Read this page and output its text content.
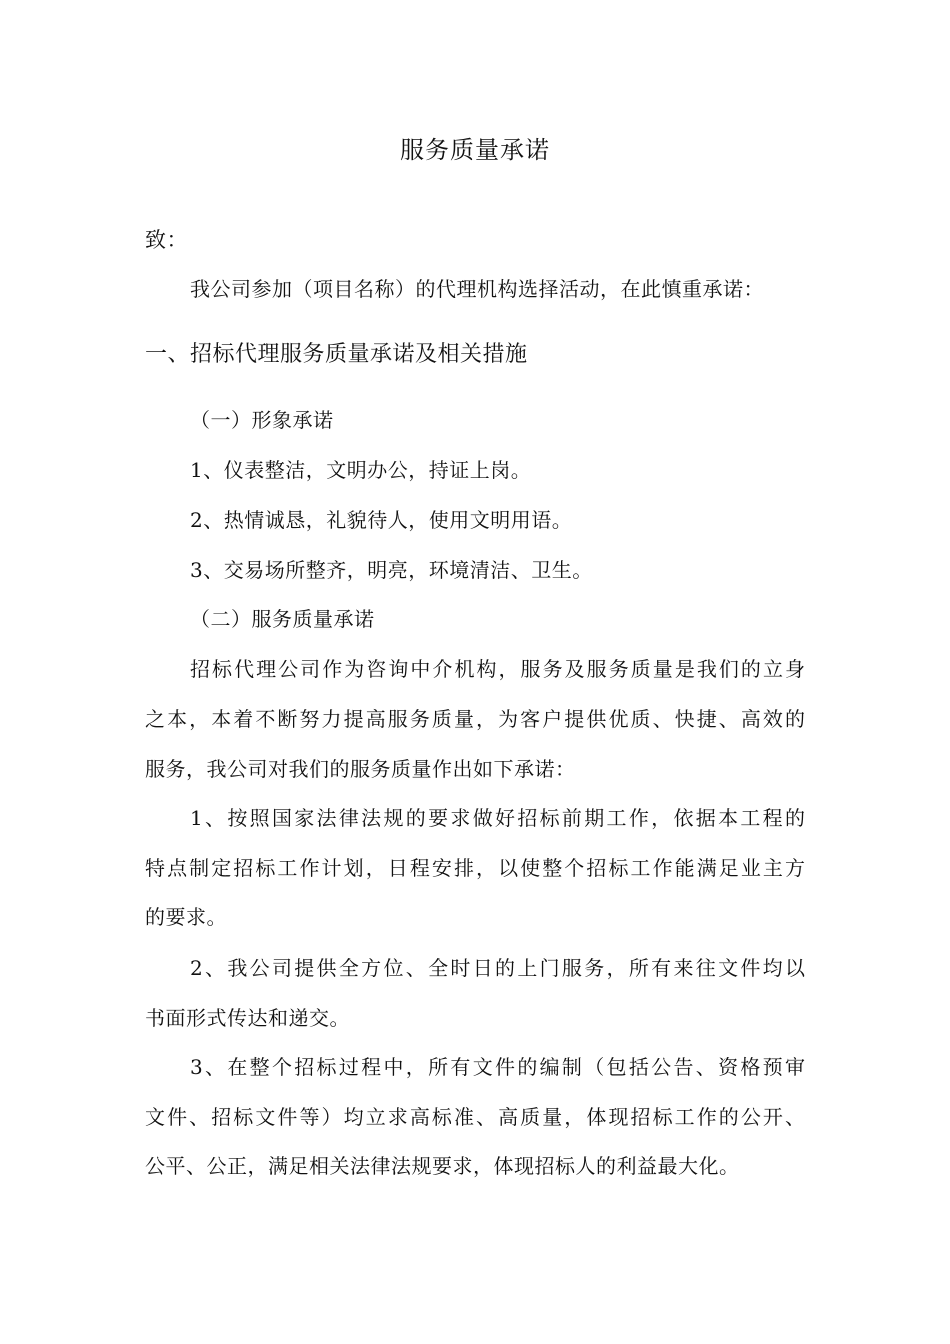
服务质量承诺
致：
我公司参加（项目名称）的代理机构选择活动，在此慎重承诺：
一、招标代理服务质量承诺及相关措施
（一）形象承诺
1、仪表整洁，文明办公，持证上岗。
2、热情诚恳，礼貌待人，使用文明用语。
3、交易场所整齐，明亮，环境清洁、卫生。
（二）服务质量承诺
招标代理公司作为咨询中介机构，服务及服务质量是我们的立身
之本，本着不断努力提高服务质量，为客户提供优质、快捷、高效的
服务，我公司对我们的服务质量作出如下承诺：
1、按照国家法律法规的要求做好招标前期工作，依据本工程的
特点制定招标工作计划，日程安排，以使整个招标工作能满足业主方
的要求。
2、我公司提供全方位、全时日的上门服务，所有来往文件均以
书面形式传达和递交。
3、在整个招标过程中，所有文件的编制（包括公告、资格预审
文件、招标文件等）均立求高标准、高质量，体现招标工作的公开、
公平、公正，满足相关法律法规要求，体现招标人的利益最大化。
